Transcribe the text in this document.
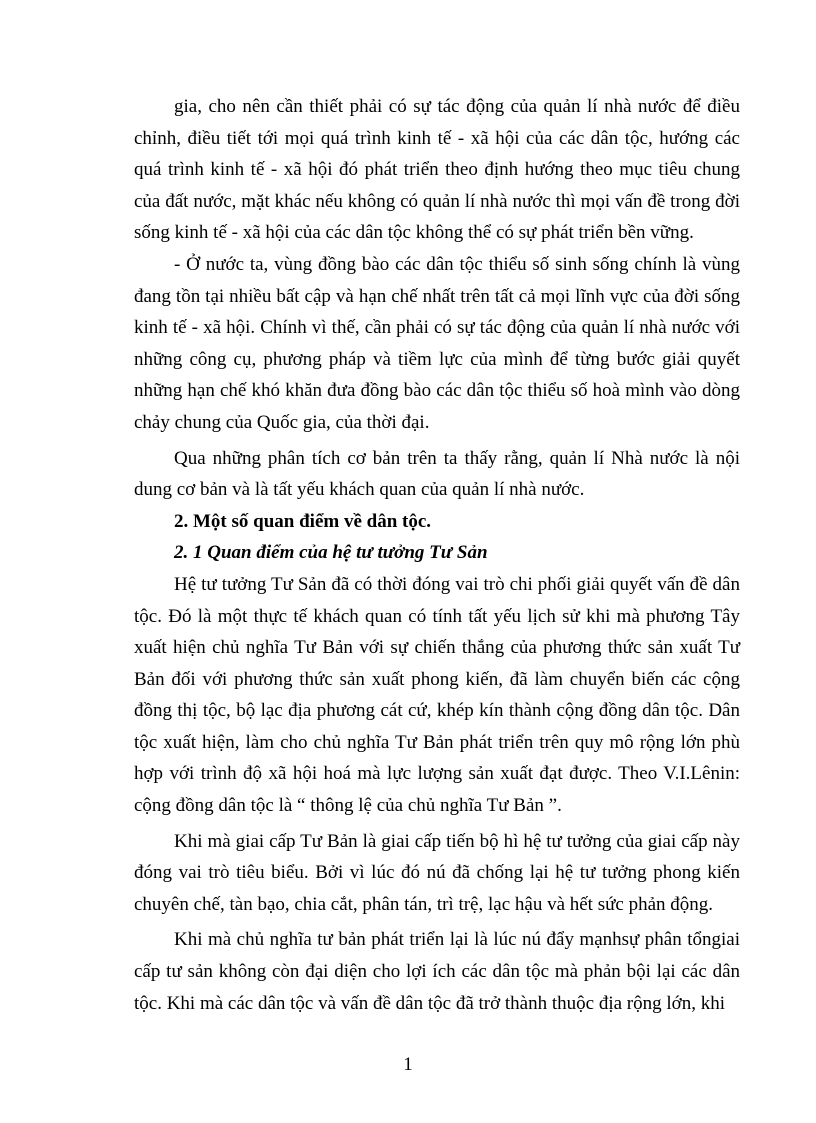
gia, cho nên cần thiết phải có sự tác động của quản lí nhà nước để điều chỉnh, điều tiết tới mọi quá trình kinh tế - xã hội của các dân tộc, hướng các quá trình kinh tế - xã hội đó phát triển theo định hướng theo mục tiêu chung của đất nước, mặt khác nếu không có quản lí nhà nước thì mọi vấn đề trong đời sống kinh tế - xã hội của các dân tộc không thể có sự phát triển bền vững.

- Ở nước ta, vùng đồng bào các dân tộc thiểu số sinh sống chính là vùng đang tồn tại nhiều bất cập và hạn chế nhất trên tất cả mọi lĩnh vực của đời sống kinh tế - xã hội. Chính vì thế, cần phải có sự tác động của quản lí nhà nước với những công cụ, phương pháp và tiềm lực của mình để từng bước giải quyết những hạn chế khó khăn đưa đồng bào các dân tộc thiểu số hoà mình vào dòng chảy chung của Quốc gia, của thời đại.

Qua những phân tích cơ bản trên ta thấy rằng, quản lí Nhà nước là nội dung cơ bản và là tất yếu khách quan của quản lí nhà nước.

2. Một số quan điểm về dân tộc.

2. 1 Quan điểm của hệ tư tưởng Tư Sản

Hệ tư tưởng Tư Sản đã có thời đóng vai trò chi phối giải quyết vấn đề dân tộc. Đó là một thực tế khách quan có tính tất yếu lịch sử khi mà phương Tây xuất hiện chủ nghĩa Tư Bản với sự chiến thắng của phương thức sản xuất Tư Bản đối với phương thức sản xuất phong kiến, đã làm chuyển biến các cộng đồng thị tộc, bộ lạc địa phương cát cứ, khép kín thành cộng đồng dân tộc. Dân tộc xuất hiện, làm cho chủ nghĩa Tư Bản phát triển trên quy mô rộng lớn phù hợp với trình độ xã hội hoá mà lực lượng sản xuất đạt được. Theo V.I.Lênin: cộng đồng dân tộc là “ thông lệ của chủ nghĩa Tư Bản ”.

Khi mà giai cấp Tư Bản là giai cấp tiến bộ hì hệ tư tưởng của giai cấp này đóng vai trò tiêu biểu. Bởi vì lúc đó nú đã chống lại hệ tư tưởng phong kiến chuyên chế, tàn bạo, chia cắt, phân tán, trì trệ, lạc hậu và hết sức phản động.

Khi mà chủ nghĩa tư bản phát triển lại là lúc nú đẩy mạnhsự phân tổngiai cấp tư sản không còn đại diện cho lợi ích các dân tộc mà phản bội lại các dân tộc. Khi mà các dân tộc và vấn đề dân tộc đã trở thành thuộc địa rộng lớn, khi

1
